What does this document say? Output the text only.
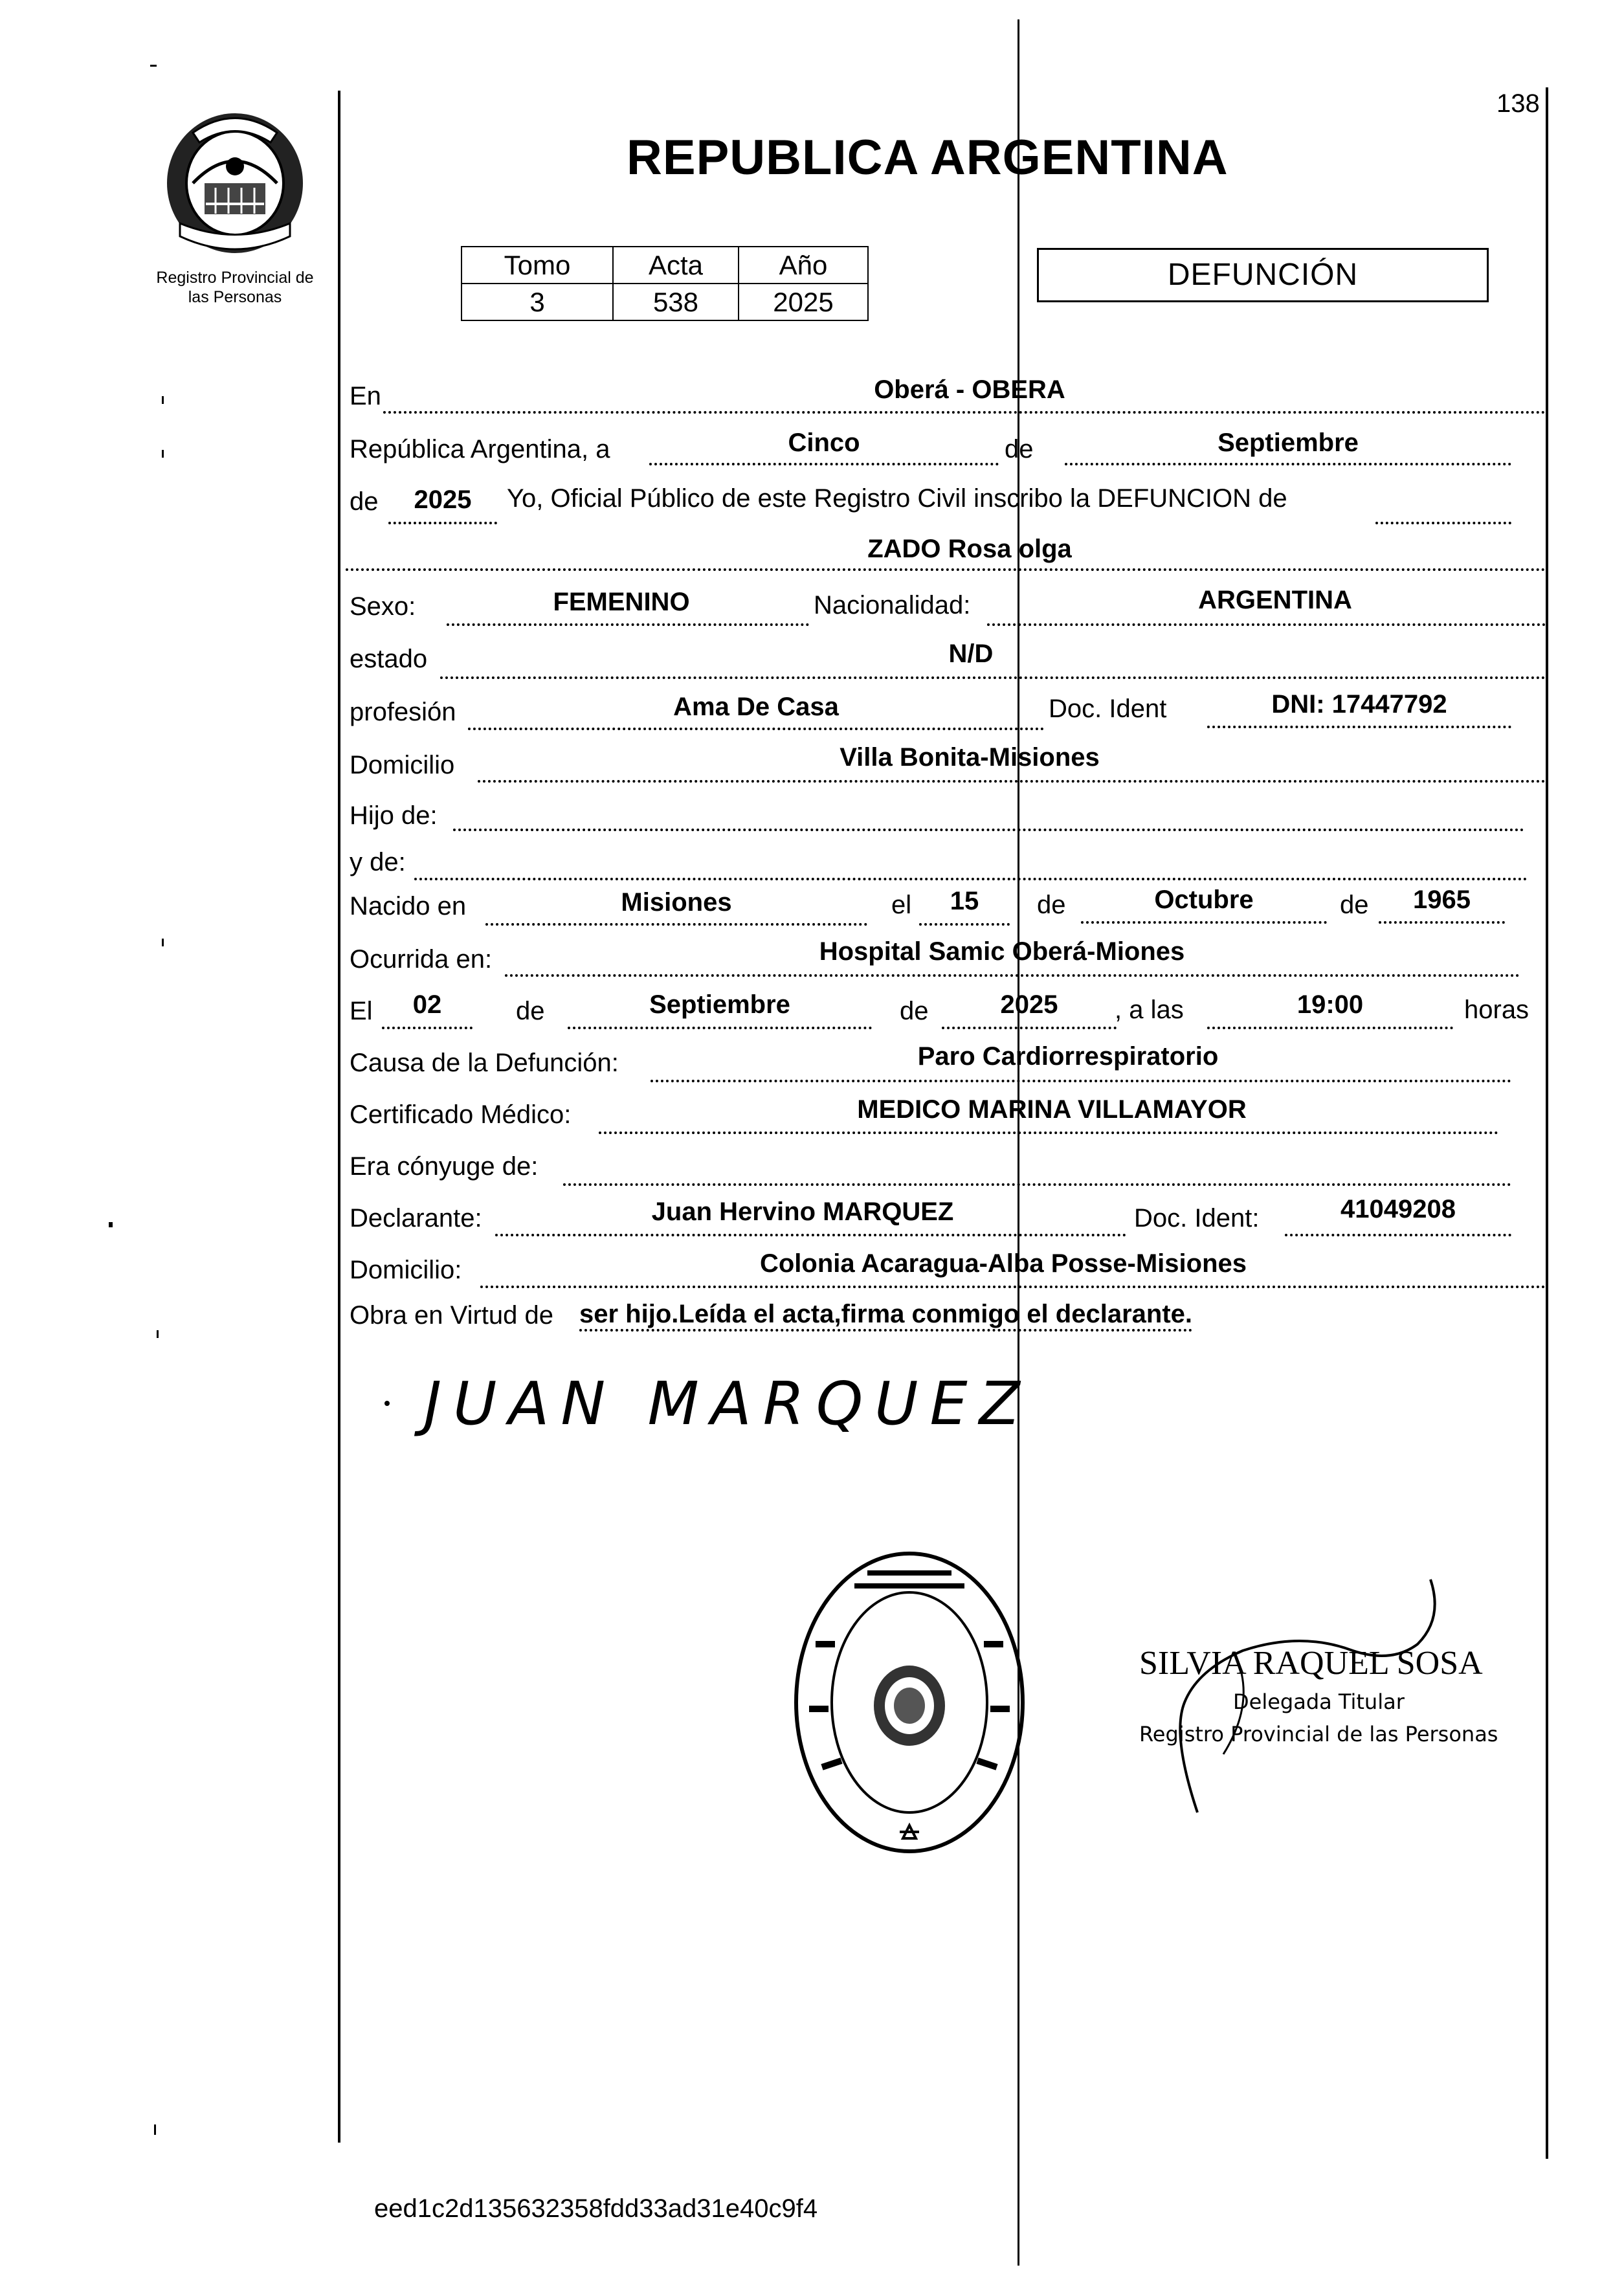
138
Registro Provincial de
las Personas
REPUBLICA ARGENTINA
Tomo	Acta	Año
3	538	2025
DEFUNCIÓN
En	Oberá - OBERA
República Argentina, a	Cinco	de	Septiembre
de	2025	Yo, Oficial Público de este Registro Civil inscribo la DEFUNCION de
ZADO Rosa olga
Sexo:	FEMENINO	Nacionalidad:	ARGENTINA
estado	N/D
profesión	Ama De Casa	Doc. Ident	DNI: 17447792
Domicilio	Villa Bonita-Misiones
Hijo de:
y de:
Nacido en	Misiones	el	15	de	Octubre	de	1965
Ocurrida en:	Hospital Samic Oberá-Miones
El	02	de	Septiembre	de	2025	, a las	19:00	horas
Causa de la Defunción:	Paro Cardiorrespiratorio
Certificado Médico:	MEDICO MARINA VILLAMAYOR
Era cónyuge de:
Declarante:	Juan Hervino MARQUEZ	Doc. Ident:	41049208
Domicilio:	Colonia Acaragua-Alba Posse-Misiones
Obra en Virtud de ser hijo.Leída el acta,firma conmigo el declarante.
JUAN MARQUEZ
SILVIA RAQUEL SOSA
Delegada Titular
Registro Provincial de las Personas
eed1c2d135632358fdd33ad31e40c9f4
